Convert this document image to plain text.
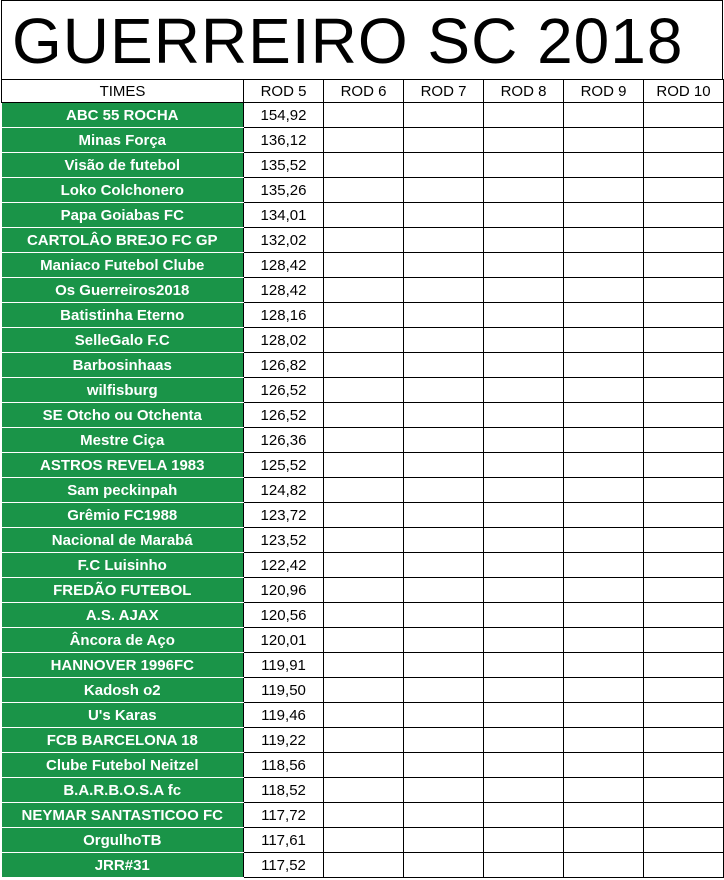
GUERREIRO SC 2018
TIMES	ROD 5	ROD 6	ROD 7	ROD 8	ROD 9	ROD 10
ABC 55 ROCHA	154,92					
Minas Força	136,12					
Visão de futebol	135,52					
Loko Colchonero	135,26					
Papa Goiabas FC	134,01					
CARTOLÂO BREJO FC GP	132,02					
Maniaco Futebol Clube	128,42					
Os Guerreiros2018	128,42					
Batistinha Eterno	128,16					
SelleGalo F.C	128,02					
Barbosinhaas	126,82					
wilfisburg	126,52					
SE Otcho ou Otchenta	126,52					
Mestre Ciça	126,36					
ASTROS REVELA 1983	125,52					
Sam peckinpah	124,82					
Grêmio FC1988	123,72					
Nacional de Marabá	123,52					
F.C Luisinho	122,42					
FREDÃO FUTEBOL	120,96					
A.S. AJAX	120,56					
Âncora de Aço	120,01					
HANNOVER 1996FC	119,91					
Kadosh o2	119,50					
U's Karas	119,46					
FCB BARCELONA 18	119,22					
Clube Futebol Neitzel	118,56					
B.A.R.B.O.S.A fc	118,52					
NEYMAR SANTASTICOO FC	117,72					
OrgulhoTB	117,61					
JRR#31	117,52					
